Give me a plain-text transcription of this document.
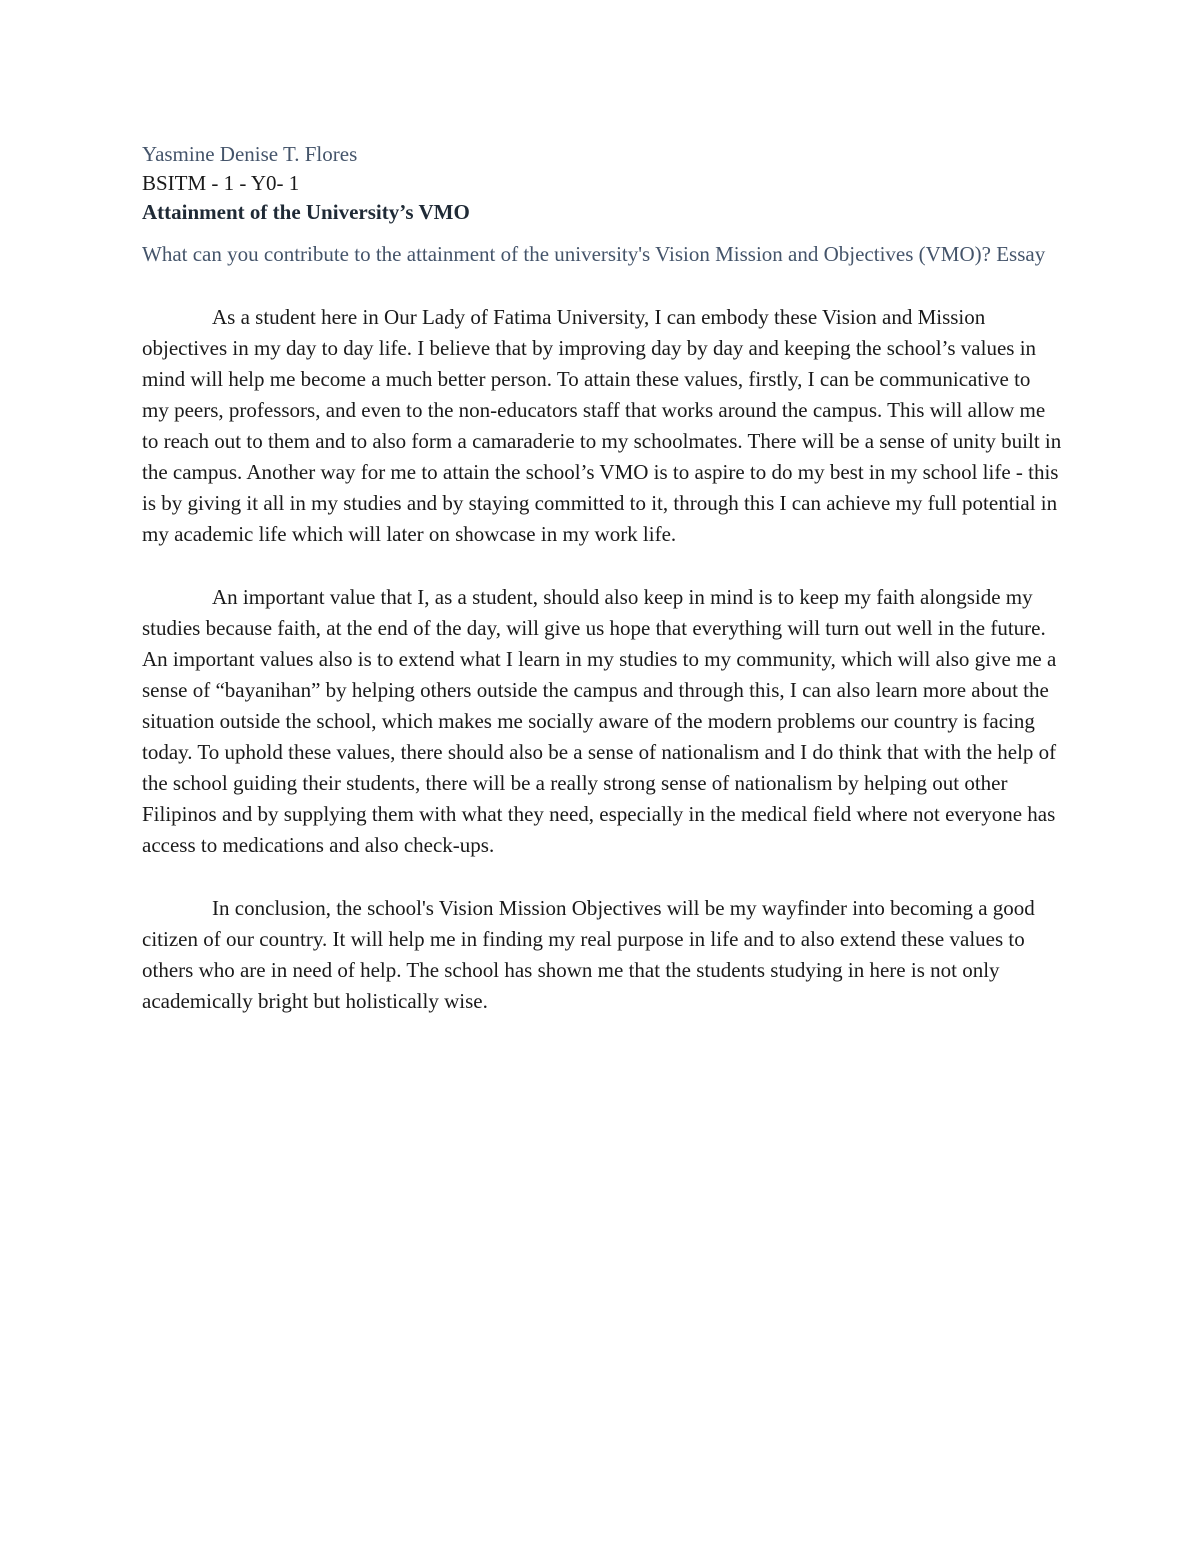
Yasmine Denise T. Flores

BSITM - 1 - Y0- 1

Attainment of the University’s VMO

What can you contribute to the attainment of the university's Vision Mission and Objectives (VMO)? Essay

As a student here in Our Lady of Fatima University, I can embody these Vision and Mission objectives in my day to day life. I believe that by improving day by day and keeping the school’s values in mind will help me become a much better person. To attain these values, firstly, I can be communicative to my peers, professors, and even to the non-educators staff that works around the campus. This will allow me to reach out to them and to also form a camaraderie to my schoolmates. There will be a sense of unity built in the campus. Another way for me to attain the school’s VMO is to aspire to do my best in my school life - this is by giving it all in my studies and by staying committed to it, through this I can achieve my full potential in my academic life which will later on showcase in my work life.

An important value that I, as a student, should also keep in mind is to keep my faith alongside my studies because faith, at the end of the day, will give us hope that everything will turn out well in the future. An important values also is to extend what I learn in my studies to my community, which will also give me a sense of “bayanihan” by helping others outside the campus and through this, I can also learn more about the situation outside the school, which makes me socially aware of the modern problems our country is facing today. To uphold these values, there should also be a sense of nationalism and I do think that with the help of the school guiding their students, there will be a really strong sense of nationalism by helping out other Filipinos and by supplying them with what they need, especially in the medical field where not everyone has access to medications and also check-ups.

In conclusion, the school's Vision Mission Objectives will be my wayfinder into becoming a good citizen of our country. It will help me in finding my real purpose in life and to also extend these values to others who are in need of help. The school has shown me that the students studying in here is not only academically bright but holistically wise.
